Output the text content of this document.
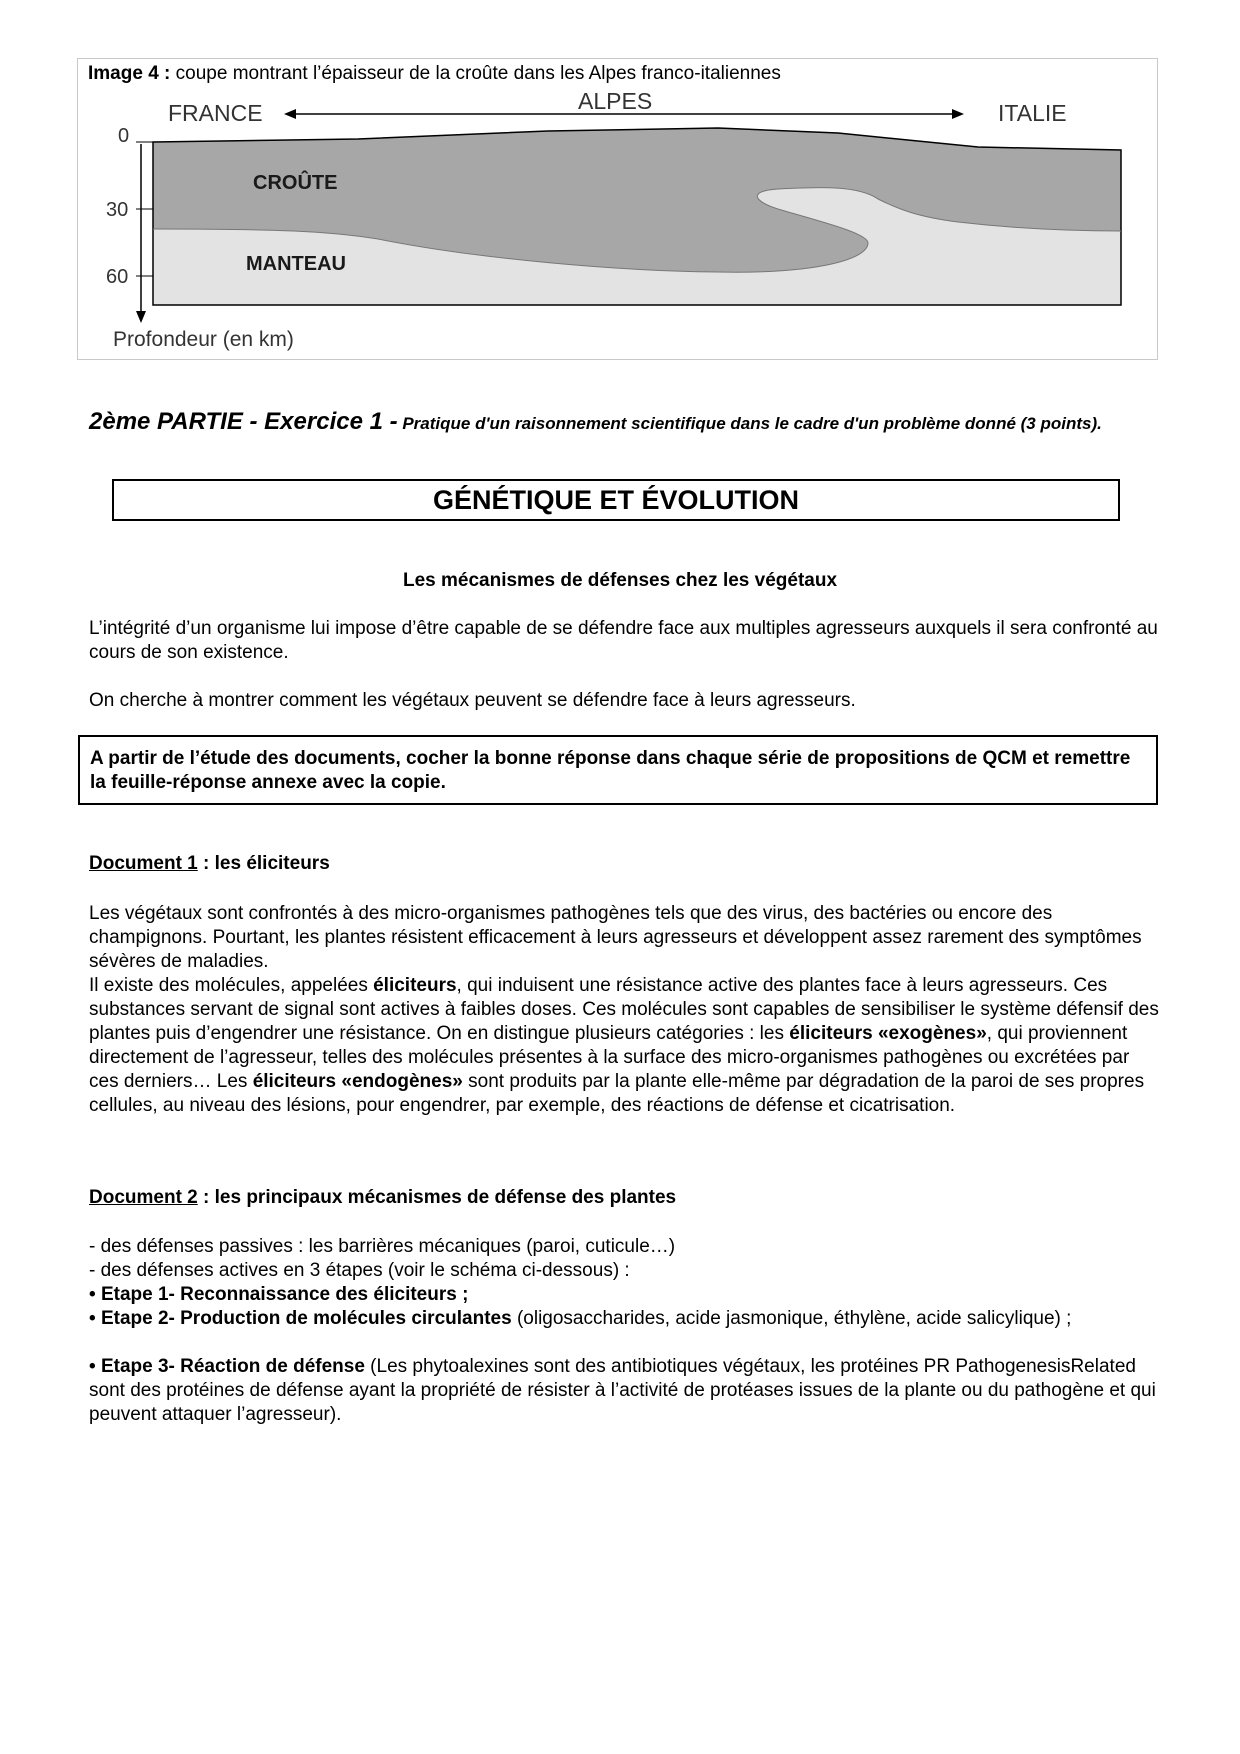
FRANCE	ALPES	ITALIE
CROÛTE
MANTEAU
0
30
60
Profondeur (en km)
Image 4 : coupe montrant l’épaisseur de la croûte dans les Alpes franco-italiennes
2ème PARTIE - Exercice 1 - Pratique d'un raisonnement scientifique dans le cadre d'un problème donné (3 points).
GÉNÉTIQUE ET ÉVOLUTION
Les mécanismes de défenses chez les végétaux

L’intégrité d’un organisme lui impose d’être capable de se défendre face aux multiples agresseurs auxquels il sera confronté au cours de son existence.

On cherche à montrer comment les végétaux peuvent se défendre face à leurs agresseurs.

A partir de l’étude des documents, cocher la bonne réponse dans chaque série de propositions de QCM et remettre la feuille-réponse annexe avec la copie.
Document 1 : les éliciteurs

Les végétaux sont confrontés à des micro-organismes pathogènes tels que des virus, des bactéries ou encore des champignons. Pourtant, les plantes résistent efficacement à leurs agresseurs et développent assez rarement des symptômes sévères de maladies.

Il existe des molécules, appelées éliciteurs, qui induisent une résistance active des plantes face à leurs agresseurs. Ces substances servant de signal sont actives à faibles doses. Ces molécules sont capables de sensibiliser le système défensif des plantes puis d’engendrer une résistance. On en distingue plusieurs catégories : les éliciteurs «exogènes», qui proviennent directement de l’agresseur, telles des molécules présentes à la surface des micro-organismes pathogènes ou excrétées par ces derniers… Les éliciteurs «endogènes» sont produits par la plante elle-même par dégradation de la paroi de ses propres cellules, au niveau des lésions, pour engendrer, par exemple, des réactions de défense et cicatrisation.

Document 2 : les principaux mécanismes de défense des plantes

- des défenses passives : les barrières mécaniques (paroi, cuticule…)

- des défenses actives en 3 étapes (voir le schéma ci-dessous) :

• Etape 1- Reconnaissance des éliciteurs ;

• Etape 2- Production de molécules circulantes (oligosaccharides, acide jasmonique, éthylène, acide salicylique) ;

• Etape 3- Réaction de défense (Les phytoalexines sont des antibiotiques végétaux, les protéines PR PathogenesisRelated sont des protéines de défense ayant la propriété de résister à l’activité de protéases issues de la plante ou du pathogène et qui peuvent attaquer l’agresseur).
